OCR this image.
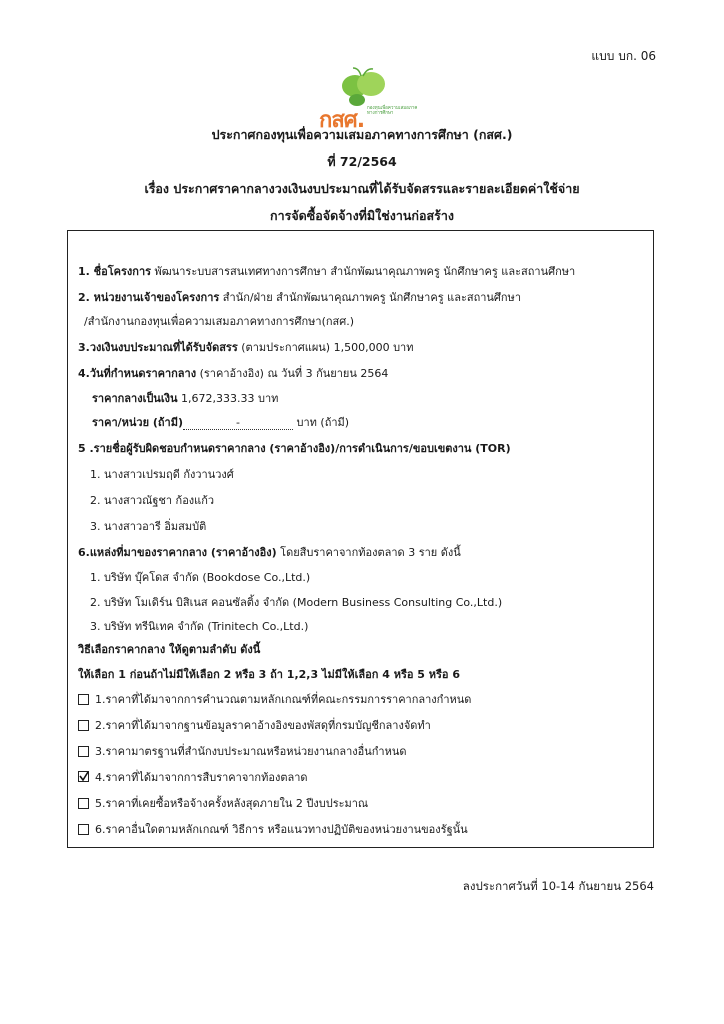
แบบ บก. 06
กสศ. กองทุนเพื่อความเสมอภาคทางการศึกษา
ประกาศกองทุนเพื่อความเสมอภาคทางการศึกษา (กสศ.)
ที่ 72/2564
เรื่อง ประกาศราคากลางวงเงินงบประมาณที่ได้รับจัดสรรและรายละเอียดค่าใช้จ่าย
การจัดซื้อจัดจ้างที่มิใช่งานก่อสร้าง
1. ชื่อโครงการ พัฒนาระบบสารสนเทศทางการศึกษา สำนักพัฒนาคุณภาพครู นักศึกษาครู และสถานศึกษา
2. หน่วยงานเจ้าของโครงการ สำนัก/ฝ่าย สำนักพัฒนาคุณภาพครู นักศึกษาครู และสถานศึกษา
/สำนักงานกองทุนเพื่อความเสมอภาคทางการศึกษา(กสศ.)
3.วงเงินงบประมาณที่ได้รับจัดสรร (ตามประกาศแผน) 1,500,000 บาท
4.วันที่กำหนดราคากลาง (ราคาอ้างอิง) ณ วันที่ 3 กันยายน 2564
ราคากลางเป็นเงิน 1,672,333.33 บาท
ราคา/หน่วย (ถ้ามี)	-	บาท (ถ้ามี)
5 .รายชื่อผู้รับผิดชอบกำหนดราคากลาง (ราคาอ้างอิง)/การดำเนินการ/ขอบเขตงาน (TOR)
1. นางสาวเปรมฤดี กังวานวงศ์
2. นางสาวณัฐชา ก้องแก้ว
3. นางสาวอารี อิ่มสมบัติ
6.แหล่งที่มาของราคากลาง (ราคาอ้างอิง) โดยสืบราคาจากท้องตลาด 3 ราย ดังนี้
1. บริษัท บุ๊คโดส จำกัด (Bookdose Co.,Ltd.)
2. บริษัท โมเดิร์น บิสิเนส คอนซัลติ้ง จำกัด (Modern Business Consulting Co.,Ltd.)
3. บริษัท ทรีนิเทค จำกัด (Trinitech Co.,Ltd.)
วิธีเลือกราคากลาง ให้ดูตามลำดับ ดังนี้
ให้เลือก 1 ก่อนถ้าไม่มีให้เลือก 2 หรือ 3 ถ้า 1,2,3 ไม่มีให้เลือก 4 หรือ 5 หรือ 6
1.ราคาที่ได้มาจากการคำนวณตามหลักเกณฑ์ที่คณะกรรมการราคากลางกำหนด
2.ราคาที่ได้มาจากฐานข้อมูลราคาอ้างอิงของพัสดุที่กรมบัญชีกลางจัดทำ
3.ราคามาตรฐานที่สำนักงบประมาณหรือหน่วยงานกลางอื่นกำหนด
4.ราคาที่ได้มาจากการสืบราคาจากท้องตลาด
5.ราคาที่เคยซื้อหรือจ้างครั้งหลังสุดภายใน 2 ปีงบประมาณ
6.ราคาอื่นใดตามหลักเกณฑ์ วิธีการ หรือแนวทางปฏิบัติของหน่วยงานของรัฐนั้น
ลงประกาศวันที่ 10-14 กันยายน 2564
